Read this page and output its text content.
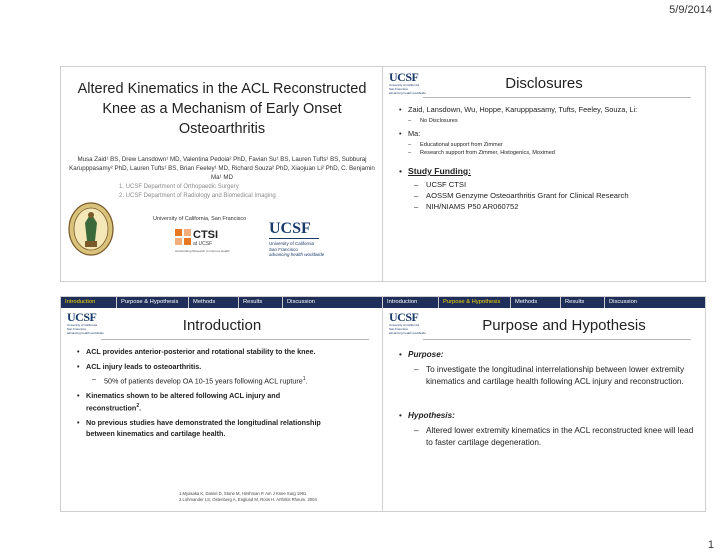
5/9/2014
Altered Kinematics in the ACL Reconstructed Knee as a Mechanism of Early Onset Osteoarthritis
Musa Zaid¹ BS, Drew Lansdown¹ MD, Valentina Pedoia² PhD, Favian Su¹ BS, Lauren Tufts¹ BS, Subburaj Karupppasamy² PhD, Lauren Tufts¹ BS, Brian Feeley¹ MD, Richard Souza² PhD, Xiaojuan Li² PhD, C. Benjamin Ma¹ MD
1. UCSF Department of Orthopaedic Surgery
2. UCSF Department of Radiology and Biomedical Imaging
University of California, San Francisco
CTSI
at UCSF
Accelerating Research to Improve Health
UCSF
University of California
San Francisco
advancing health worldwide
UCSF
University of California
San Francisco
advancing health worldwide
Disclosures
• Zaid, Lansdown, Wu, Hoppe, Karupppasamy, Tufts, Feeley, Souza, Li:
– No Disclosures
• Ma:
– Educational support from Zimmer
– Research support from Zimmer, Histogenics, Moximed
• Study Funding:
– UCSF CTSI
– AOSSM Genzyme Osteoarthritis Grant for Clinical Research
– NIH/NIAMS P50 AR060752
Introduction	Purpose & Hypothesis	Methods	Results	Discussion
UCSF
University of California
San Francisco
advancing health worldwide	Introduction
• ACL provides anterior-posterior and rotational stability to the knee.
• ACL injury leads to osteoarthritis.
– 50% of patients develop OA 10-15 years following ACL rupture$^1$.
• Kinematics shown to be altered following ACL injury and reconstruction$^2$.
• No previous studies have demonstrated the longitudinal relationship between kinematics and cartilage health.
1.Myasaka K, Daniel D, Stone M, Hirshman P. Am J Knee Surg 1991.
2.Lohmander LS, Ostenberg A, Englund M, Roos H. Arthritis Rheum. 2004
Introduction	Purpose & Hypothesis	Methods	Results	Discussion
UCSF
University of California
San Francisco
advancing health worldwide	Purpose and Hypothesis
• Purpose:
– To investigate the longitudinal interrelationship between lower extremity kinematics and cartilage health following ACL injury and reconstruction.
• Hypothesis:
– Altered lower extremity kinematics in the ACL reconstructed knee will lead to faster cartilage degeneration.
1
